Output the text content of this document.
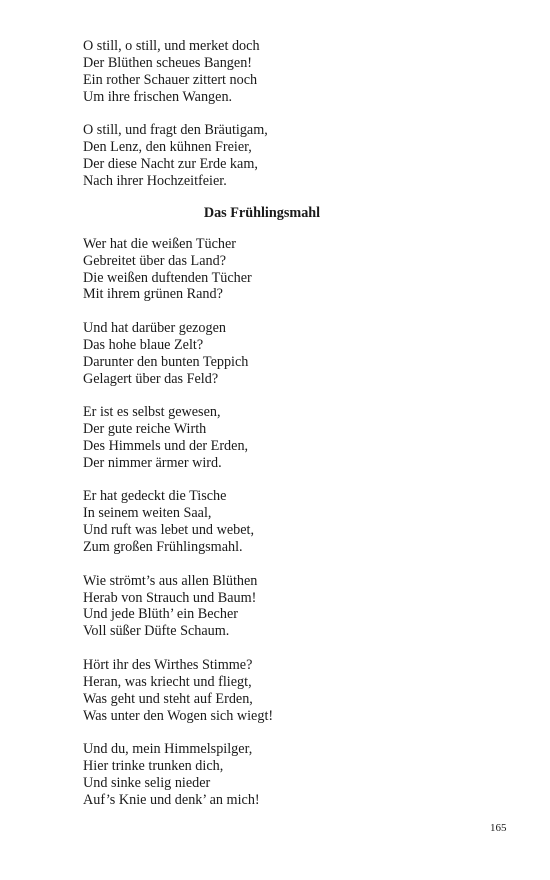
O still, o still, und merket doch
Der Blüthen scheues Bangen!
Ein rother Schauer zittert noch
Um ihre frischen Wangen.
O still, und fragt den Bräutigam,
Den Lenz, den kühnen Freier,
Der diese Nacht zur Erde kam,
Nach ihrer Hochzeitfeier.
Das Frühlingsmahl
Wer hat die weißen Tücher
Gebreitet über das Land?
Die weißen duftenden Tücher
Mit ihrem grünen Rand?
Und hat darüber gezogen
Das hohe blaue Zelt?
Darunter den bunten Teppich
Gelagert über das Feld?
Er ist es selbst gewesen,
Der gute reiche Wirth
Des Himmels und der Erden,
Der nimmer ärmer wird.
Er hat gedeckt die Tische
In seinem weiten Saal,
Und ruft was lebet und webet,
Zum großen Frühlingsmahl.
Wie strömt’s aus allen Blüthen
Herab von Strauch und Baum!
Und jede Blüth’ ein Becher
Voll süßer Düfte Schaum.
Hört ihr des Wirthes Stimme?
Heran, was kriecht und fliegt,
Was geht und steht auf Erden,
Was unter den Wogen sich wiegt!
Und du, mein Himmelspilger,
Hier trinke trunken dich,
Und sinke selig nieder
Auf’s Knie und denk’ an mich!
165
